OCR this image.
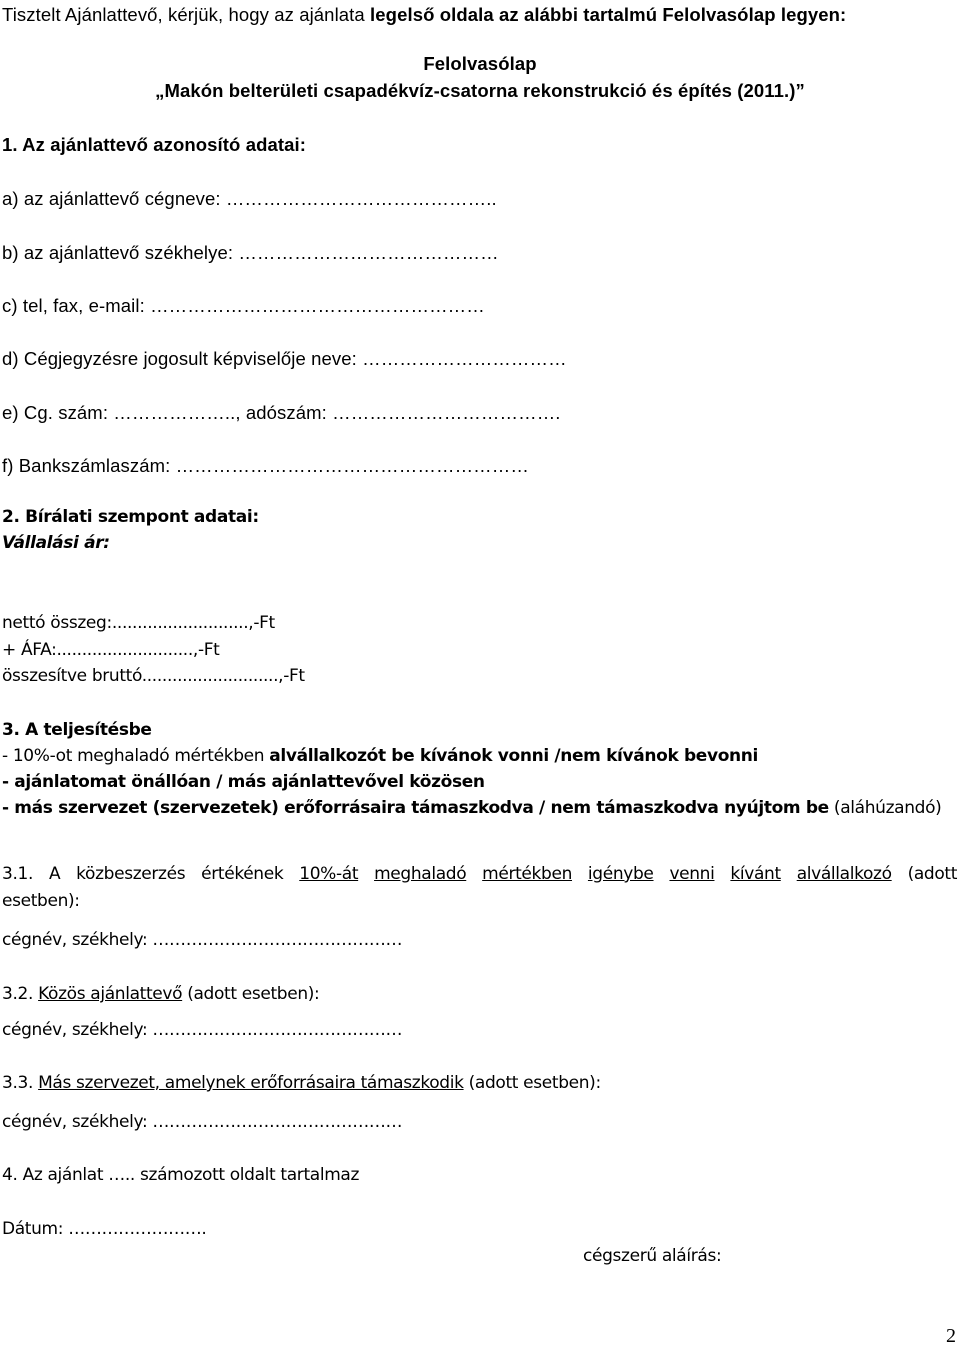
Tisztelt Ajánlattevő, kérjük, hogy az ajánlata legelső oldala az alábbi tartalmú Felolvasólap legyen:

Felolvasólap

„Makón belterületi csapadékvíz-csatorna rekonstrukció és építés (2011.)”

1. Az ajánlattevő azonosító adatai:

a) az ajánlattevő cégneve: ……………………………………..

b) az ajánlattevő székhelye: ……………………………………

c) tel, fax, e-mail: ………………………………………………

d) Cégjegyzésre jogosult képviselője neve: ……………………………

e) Cg. szám: ……………….., adószám: ……………………………….

f) Bankszámlaszám: …………………………………………………

2. Bírálati szempont adatai:

Vállalási ár:

nettó összeg:...........................,-Ft

+ ÁFA:...........................,-Ft

összesítve bruttó...........................,-Ft

3. A teljesítésbe

- 10%-ot meghaladó mértékben alvállalkozót be kívánok vonni /nem kívánok bevonni

- ajánlatomat önállóan / más ajánlattevővel közösen

- más szervezet (szervezetek) erőforrásaira támaszkodva / nem támaszkodva nyújtom be (aláhúzandó)

3.1. A közbeszerzés értékének 10%-át meghaladó mértékben igénybe venni kívánt alvállalkozó (adott

esetben):

cégnév, székhely: ………………………………………

3.2. Közös ajánlattevő (adott esetben):

cégnév, székhely: ………………………………………

3.3. Más szervezet, amelynek erőforrásaira támaszkodik (adott esetben):

cégnév, székhely: ………………………………………

4. Az ajánlat ….. számozott oldalt tartalmaz

Dátum: …………………….

cégszerű aláírás:

2
